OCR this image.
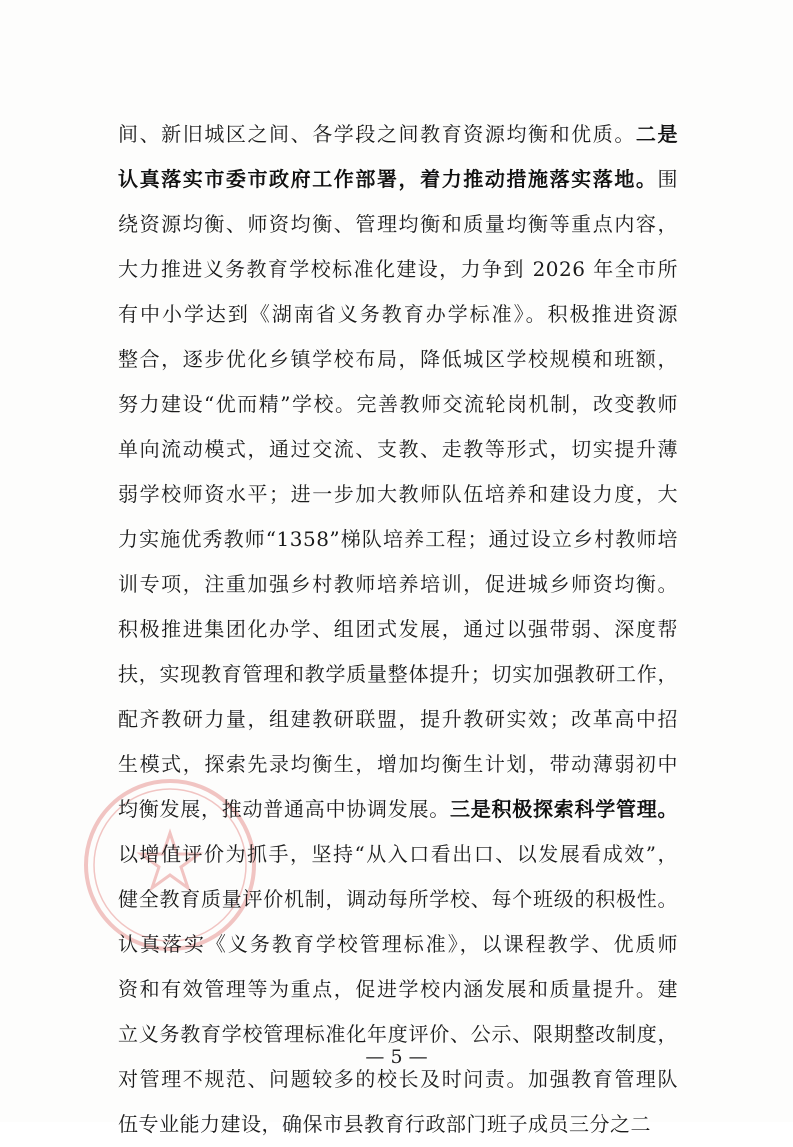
间、新旧城区之间、各学段之间教育资源均衡和优质。二是
认真落实市委市政府工作部署，着力推动措施落实落地。围
绕资源均衡、师资均衡、管理均衡和质量均衡等重点内容，
大力推进义务教育学校标准化建设，力争到 2026 年全市所
有中小学达到《湖南省义务教育办学标准》。积极推进资源
整合，逐步优化乡镇学校布局，降低城区学校规模和班额，
努力建设“优而精”学校。完善教师交流轮岗机制，改变教师
单向流动模式，通过交流、支教、走教等形式，切实提升薄
弱学校师资水平；进一步加大教师队伍培养和建设力度，大
力实施优秀教师“1358”梯队培养工程；通过设立乡村教师培
训专项，注重加强乡村教师培养培训，促进城乡师资均衡。
积极推进集团化办学、组团式发展，通过以强带弱、深度帮
扶，实现教育管理和教学质量整体提升；切实加强教研工作，
配齐教研力量，组建教研联盟，提升教研实效；改革高中招
生模式，探索先录均衡生，增加均衡生计划，带动薄弱初中
均衡发展，推动普通高中协调发展。三是积极探索科学管理。
以增值评价为抓手，坚持“从入口看出口、以发展看成效”，
健全教育质量评价机制，调动每所学校、每个班级的积极性。
认真落实《义务教育学校管理标准》，以课程教学、优质师
资和有效管理等为重点，促进学校内涵发展和质量提升。建
立义务教育学校管理标准化年度评价、公示、限期整改制度，
对管理不规范、问题较多的校长及时问责。加强教育管理队
伍专业能力建设，确保市县教育行政部门班子成员三分之二
— 5 —
